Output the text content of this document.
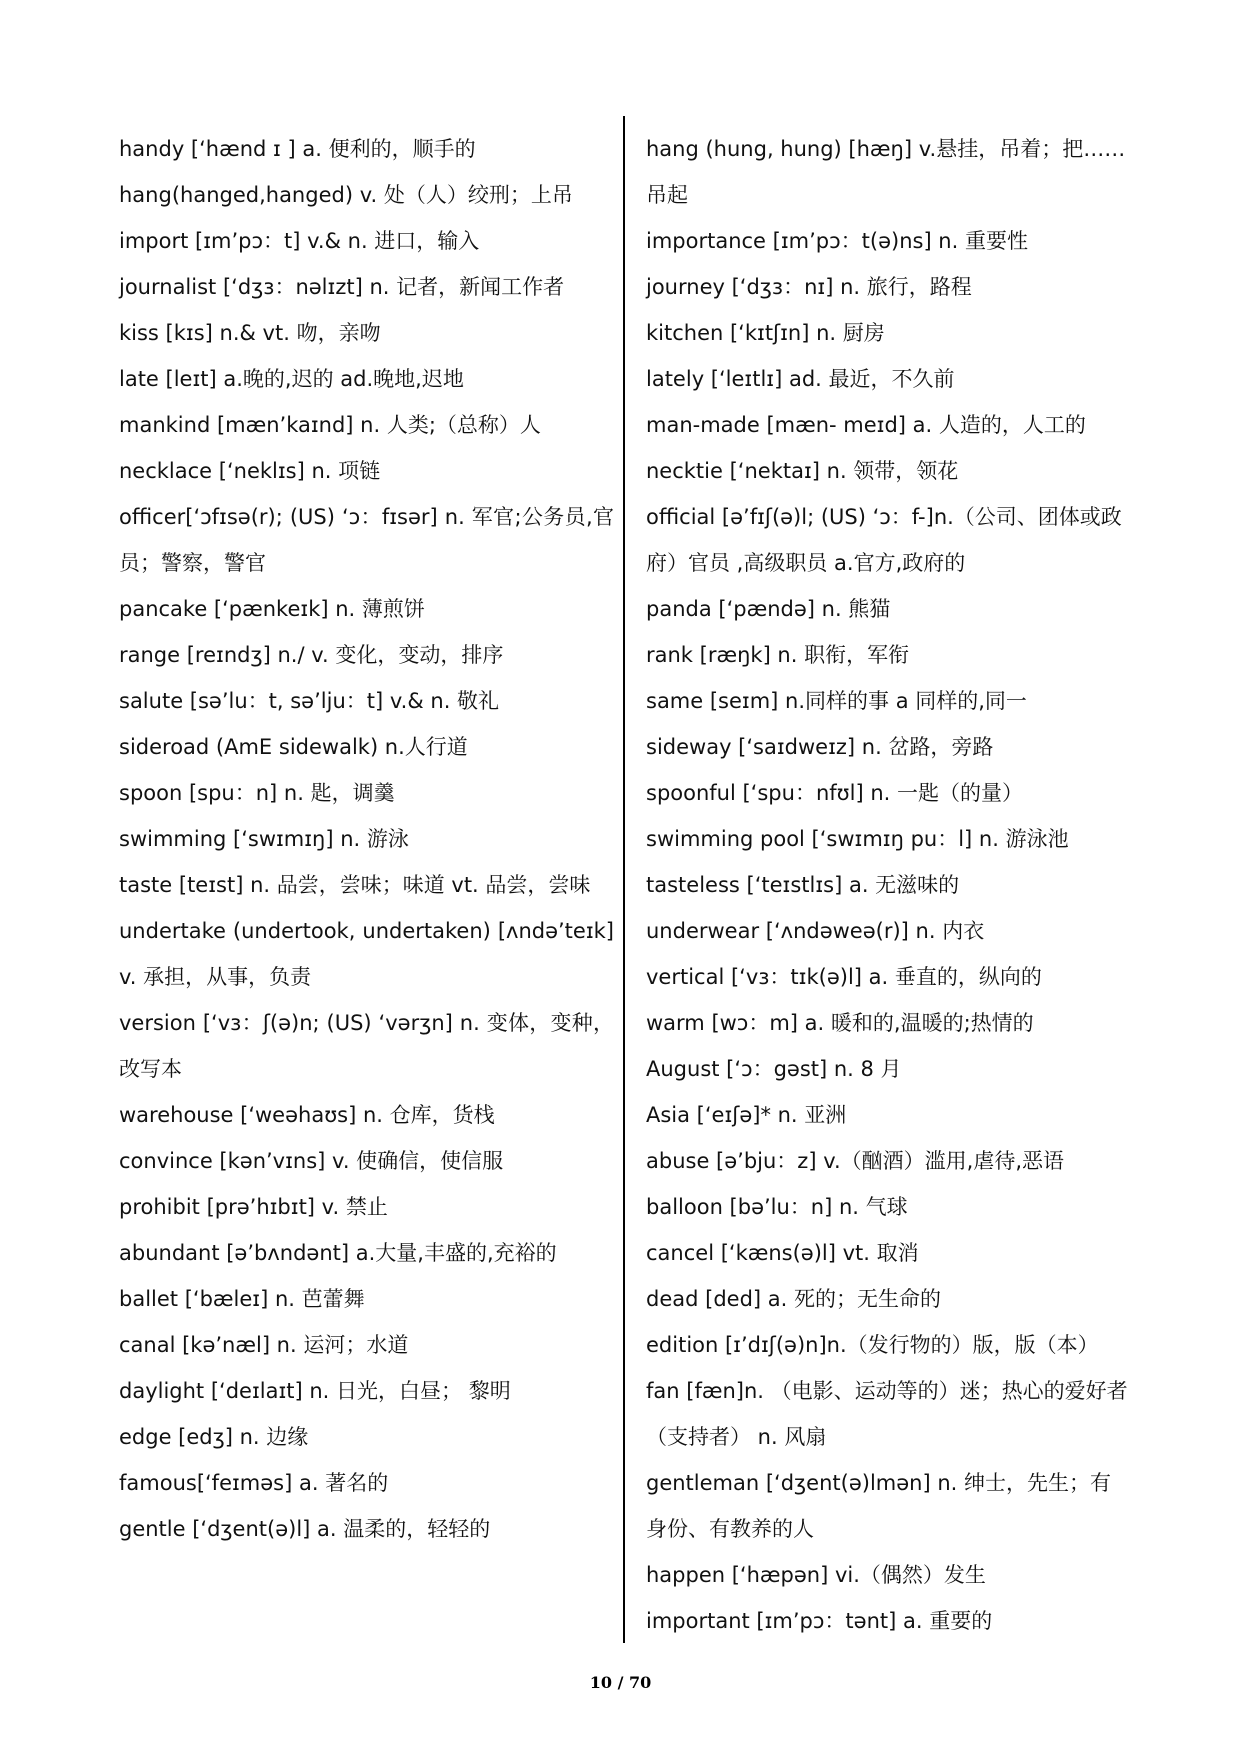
handy [‘hænd ɪ ] a. 便利的，顺手的
hang(hanged,hanged) v. 处（人）绞刑；上吊
import [ɪm’pɔ：t] v.& n. 进口，输入
journalist [‘dʒɜ：nəlɪzt] n. 记者，新闻工作者
kiss [kɪs] n.& vt. 吻，亲吻
late [leɪt] a.晚的,迟的 ad.晚地,迟地
mankind [mæn’kaɪnd] n. 人类;（总称）人
necklace [‘neklɪs] n. 项链
officer[‘ɔfɪsə(r); (US) ‘ɔ：fɪsər] n. 军官;公务员,官员；警察，警官
pancake [‘pænkeɪk] n. 薄煎饼
range [reɪndʒ] n./ v. 变化，变动，排序
salute [sə’lu：t, sə’lju：t] v.& n. 敬礼
sideroad (AmE sidewalk) n.人行道
spoon [spu：n] n. 匙，调羹
swimming [‘swɪmɪŋ] n. 游泳
taste [teɪst] n. 品尝，尝味；味道 vt. 品尝，尝味
undertake (undertook, undertaken) [ʌndə’teɪk] v. 承担，从事，负责
version [‘vɜ：ʃ(ə)n; (US) ‘vərʒn] n. 变体，变种，改写本
warehouse [‘weəhaʊs] n. 仓库，货栈
convince [kən’vɪns] v. 使确信，使信服
prohibit [prə’hɪbɪt] v. 禁止
abundant [ə’bʌndənt] a.大量,丰盛的,充裕的
ballet [‘bæleɪ] n. 芭蕾舞
canal [kə’næl] n. 运河；水道
daylight [‘deɪlaɪt] n. 日光，白昼； 黎明
edge [edʒ] n. 边缘
famous[‘feɪməs] a. 著名的
gentle [‘dʒent(ə)l] a. 温柔的，轻轻的
hang (hung, hung) [hæŋ] v.悬挂，吊着；把……吊起
importance [ɪm’pɔ：t(ə)ns] n. 重要性
journey [‘dʒɜ：nɪ] n. 旅行，路程
kitchen [‘kɪtʃɪn] n. 厨房
lately [‘leɪtlɪ] ad. 最近，不久前
man-made [mæn- meɪd] a. 人造的，人工的
necktie [‘nektaɪ] n. 领带，领花
official [ə’fɪʃ(ə)l; (US) ‘ɔ：f-]n.（公司、团体或政府）官员 ,高级职员 a.官方,政府的
panda [‘pændə] n. 熊猫
rank [ræŋk] n. 职衔，军衔
same [seɪm] n.同样的事 a 同样的,同一
sideway [‘saɪdweɪz] n. 岔路，旁路
spoonful [‘spu：nfʊl] n. 一匙（的量）
swimming pool [‘swɪmɪŋ pu：l] n. 游泳池
tasteless [‘teɪstlɪs] a. 无滋味的
underwear [‘ʌndəweə(r)] n. 内衣
vertical [‘vɜ：tɪk(ə)l] a. 垂直的，纵向的
warm [wɔ：m] a. 暖和的,温暖的;热情的
August [‘ɔ：gəst] n. 8 月
Asia [‘eɪʃə]* n. 亚洲
abuse [ə’bju：z] v.（酗酒）滥用,虐待,恶语
balloon [bə’lu：n] n. 气球
cancel [‘kæns(ə)l] vt. 取消
dead [ded] a. 死的；无生命的
edition [ɪ’dɪʃ(ə)n]n.（发行物的）版，版（本）
fan [fæn]n. （电影、运动等的）迷；热心的爱好者（支持者） n. 风扇
gentleman [‘dʒent(ə)lmən] n. 绅士，先生；有身份、有教养的人
happen [‘hæpən] vi.（偶然）发生
important [ɪm’pɔ：tənt] a. 重要的
10 / 70
